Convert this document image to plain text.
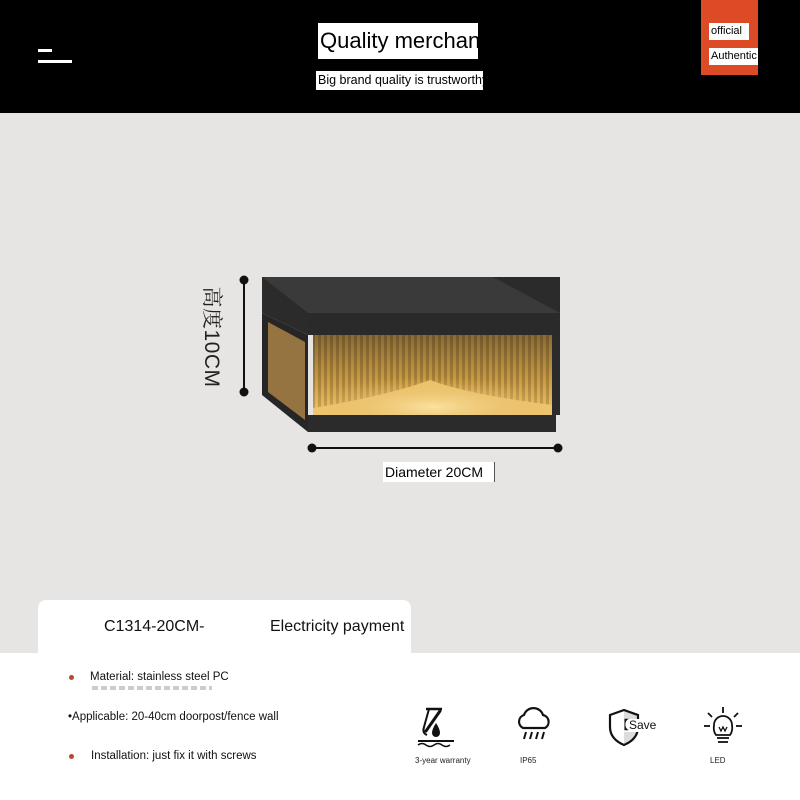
Quality merchandise
Big brand quality is trustworthy
official
Authentic
高度10CM
Diameter 20CM
C1314-20CM-	Electricity payment
Material: stainless steel PC
•Applicable: 20-40cm doorpost/fence wall
Installation: just fix it with screws	3-year warranty	IP65
【Save
LED
